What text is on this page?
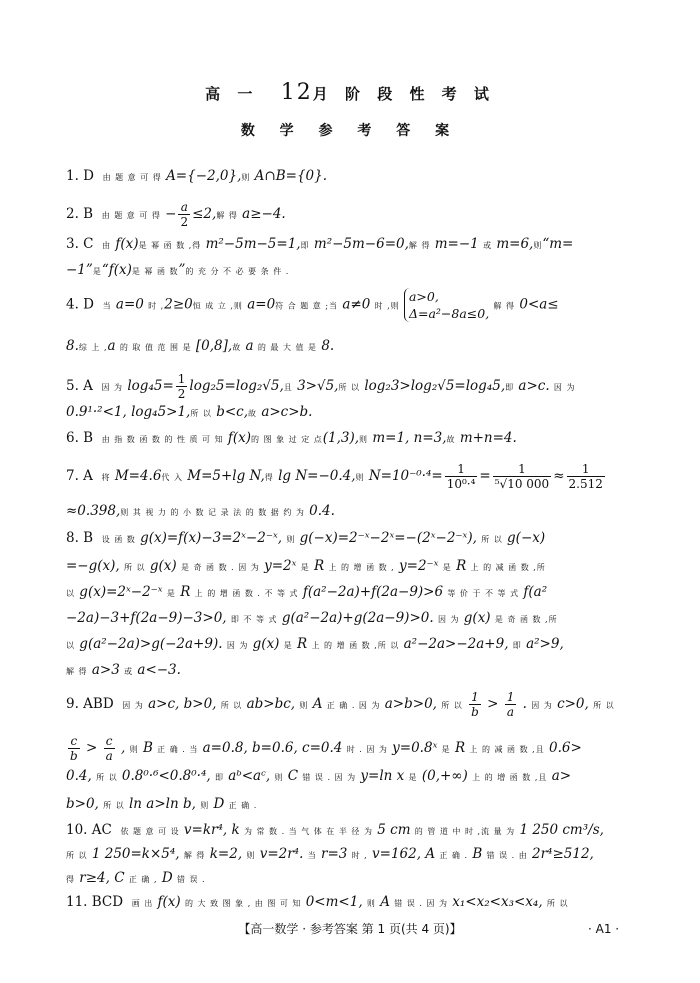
高 一 12月 阶 段 性 考 试
数 学 参 考 答 案
1. D 由 题 意 可 得 A={−2,0},则 A∩B={0}.
2. B 由 题 意 可 得 − $\frac{a}{2} \le 2$,解 得 a≥−4.
3. C 由 f(x)是 幂 函 数 ,得 m²−5m−5=1,即 m²−5m−6=0,解 得 m=−1 或 m=6,则“m=
−1”是“f(x)是 幂 函 数”的 充 分 不 必 要 条 件 .
4. D 当 a=0 时 ,2≥0恒 成 立 ,则 a=0符 合 题 意 ;当 a≠0 时 ,则
a>0,
Δ=a²−8a≤0, 解 得 0<a≤
8.综 上 ,a 的 取 值 范 围 是 [0,8],故 a 的 最 大 值 是 8.
5. A 因 为 $\log_45= \frac{1}{2} \log_25=\log_2√5$,且 3>√5,所 以 log₂3>log₂√5=log₄5,即 a>c. 因 为
0.9¹·²<1, log₄5>1,所 以 b<c,故 a>c>b.
6. B 由 指 数 函 数 的 性 质 可 知 f(x)的 图 象 过 定 点(1,3),则 m=1, n=3,故 m+n=4.
7. A 将 M=4.6代 入 M=5+lg N,得 lg N=−0.4,则 $N=10^{-0}\cdot^4= \frac{1}{\text{10⁰·⁴}} = \frac{1}{\text{⁵√10 000}} \approx \frac{1}{2.512}$
≈0.398,则 其 视 力 的 小 数 记 录 法 的 数 据 约 为 0.4.
8. B 设 函 数 g(x)=f(x)−3=2ˣ−2⁻ˣ, 则 g(−x)=2⁻ˣ−2ˣ=−(2ˣ−2⁻ˣ), 所 以 g(−x)
=−g(x), 所 以 g(x) 是 奇 函 数 . 因 为 y=2ˣ 是 R 上 的 增 函 数 , y=2⁻ˣ 是 R 上 的 减 函 数 ,所
以 g(x)=2ˣ−2⁻ˣ 是 R 上 的 增 函 数 . 不 等 式 f(a²−2a)+f(2a−9)>6 等 价 于 不 等 式 f(a²
−2a)−3+f(2a−9)−3>0, 即 不 等 式 g(a²−2a)+g(2a−9)>0. 因 为 g(x) 是 奇 函 数 ,所
以 g(a²−2a)>g(−2a+9). 因 为 g(x) 是 R 上 的 增 函 数 ,所 以 a²−2a>−2a+9, 即 a²>9,
解 得 a>3 或 a<−3.
9. ABD 因 为 a>c, b>0, 所 以 ab>bc, 则 A 正 确 . 因 为 a>b>0, 所 以 $\frac{1}{b} > \frac{1}{a}$ . 因 为 c>0, 所 以
$\frac{c}{b} > \frac{c}{a}$ , 则 B 正 确 . 当 a=0.8, b=0.6, c=0.4 时 . 因 为 y=0.8ˣ 是 R 上 的 减 函 数 ,且 0.6>
0.4, 所 以 0.8⁰·⁶<0.8⁰·⁴, 即 aᵇ<aᶜ, 则 C 错 误 . 因 为 y=ln x 是 (0,+∞) 上 的 增 函 数 ,且 a>
b>0, 所 以 ln a>ln b, 则 D 正 确 .
10. AC 依 题 意 可 设 v=kr⁴, k 为 常 数 . 当 气 体 在 半 径 为 5 cm 的 管 道 中 时 ,流 量 为 1 250 cm³/s,
所 以 1 250=k×5⁴, 解 得 k=2, 则 v=2r⁴. 当 r=3 时 , v=162, A 正 确 . B 错 误 . 由 2r⁴≥512,
得 r≥4, C 正 确 , D 错 误 .
11. BCD 画 出 f(x) 的 大 致 图 象 , 由 图 可 知 0<m<1, 则 A 错 误 . 因 为 x₁<x₂<x₃<x₄, 所 以
【高一数学 · 参考答案 第 1 页(共 4 页)】	· A1 ·
